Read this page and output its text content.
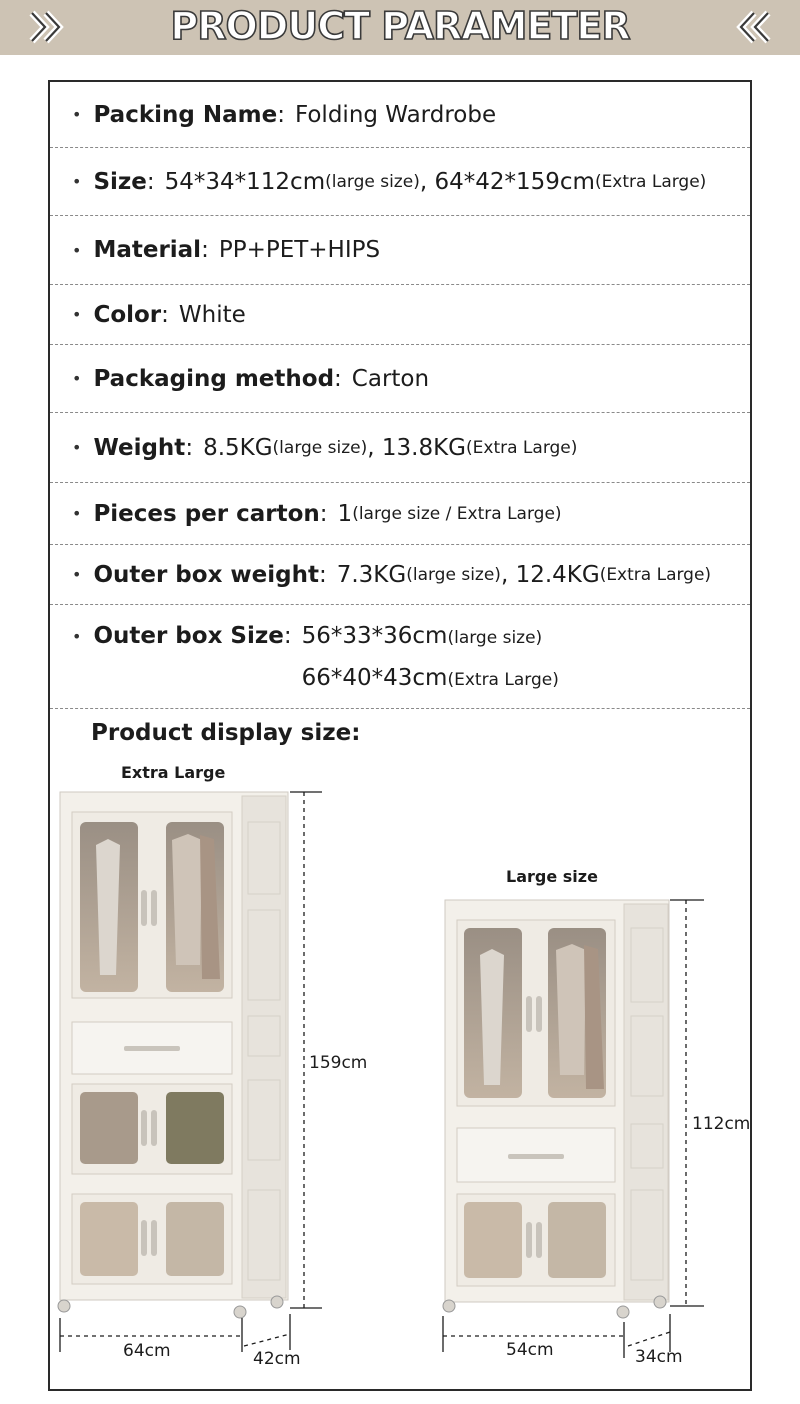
PRODUCT PARAMETER
• Packing Name : Folding Wardrobe
• Size : 54*34*112cm (large size) , 64*42*159cm (Extra Large)
• Material : PP+PET+HIPS
• Color : White
• Packaging method : Carton
• Weight : 8.5KG (large size) , 13.8KG (Extra Large)
• Pieces per carton : 1 (large size / Extra Large)
• Outer box weight : 7.3KG (large size) , 12.4KG (Extra Large)
• Outer box Size : 56*33*36cm(large size)
66*40*43cm(Extra Large)
Product display size:
Extra Large
Large size
159cm
64cm	42cm
112cm
54cm	34cm
